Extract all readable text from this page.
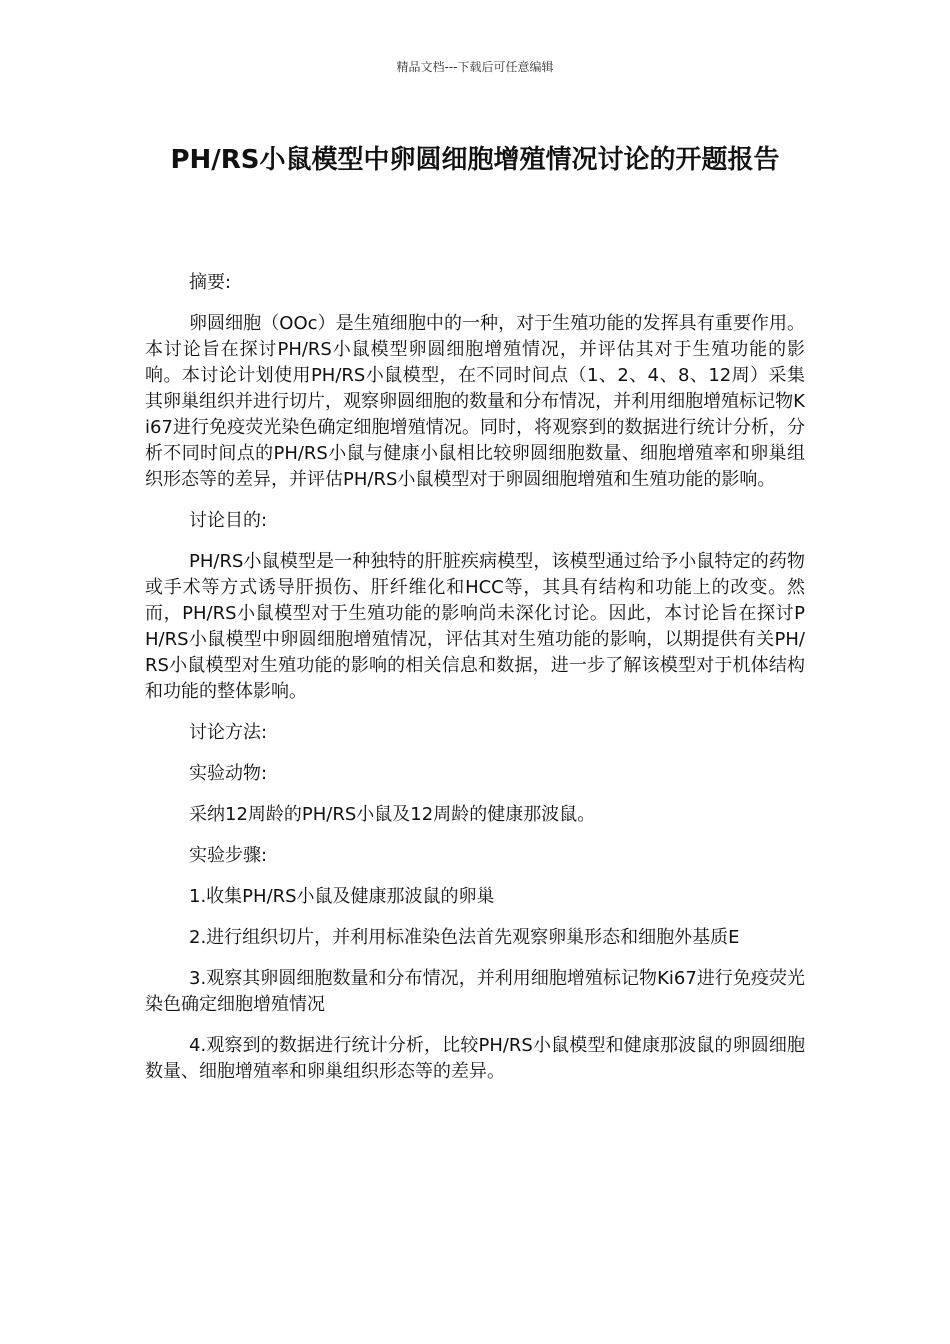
精品文档---下载后可任意编辑
PH/RS小鼠模型中卵圆细胞增殖情况讨论的开题报告

摘要:

卵圆细胞（OOc）是生殖细胞中的一种，对于生殖功能的发挥具有重要作用。本讨论旨在探讨PH/RS小鼠模型卵圆细胞增殖情况，并评估其对于生殖功能的影响。本讨论计划使用PH/RS小鼠模型，在不同时间点（1、2、4、8、12周）采集其卵巢组织并进行切片，观察卵圆细胞的数量和分布情况，并利用细胞增殖标记物Ki67进行免疫荧光染色确定细胞增殖情况。同时，将观察到的数据进行统计分析，分析不同时间点的PH/RS小鼠与健康小鼠相比较卵圆细胞数量、细胞增殖率和卵巢组织形态等的差异，并评估PH/RS小鼠模型对于卵圆细胞增殖和生殖功能的影响。

讨论目的:

PH/RS小鼠模型是一种独特的肝脏疾病模型，该模型通过给予小鼠特定的药物或手术等方式诱导肝损伤、肝纤维化和HCC等，其具有结构和功能上的改变。然而，PH/RS小鼠模型对于生殖功能的影响尚未深化讨论。因此，本讨论旨在探讨PH/RS小鼠模型中卵圆细胞增殖情况，评估其对生殖功能的影响，以期提供有关PH/RS小鼠模型对生殖功能的影响的相关信息和数据，进一步了解该模型对于机体结构和功能的整体影响。

讨论方法:

实验动物:

采纳12周龄的PH/RS小鼠及12周龄的健康那波鼠。

实验步骤:

1.收集PH/RS小鼠及健康那波鼠的卵巢

2.进行组织切片，并利用标准染色法首先观察卵巢形态和细胞外基质E

3.观察其卵圆细胞数量和分布情况，并利用细胞增殖标记物Ki67进行免疫荧光染色确定细胞增殖情况

4.观察到的数据进行统计分析，比较PH/RS小鼠模型和健康那波鼠的卵圆细胞数量、细胞增殖率和卵巢组织形态等的差异。
